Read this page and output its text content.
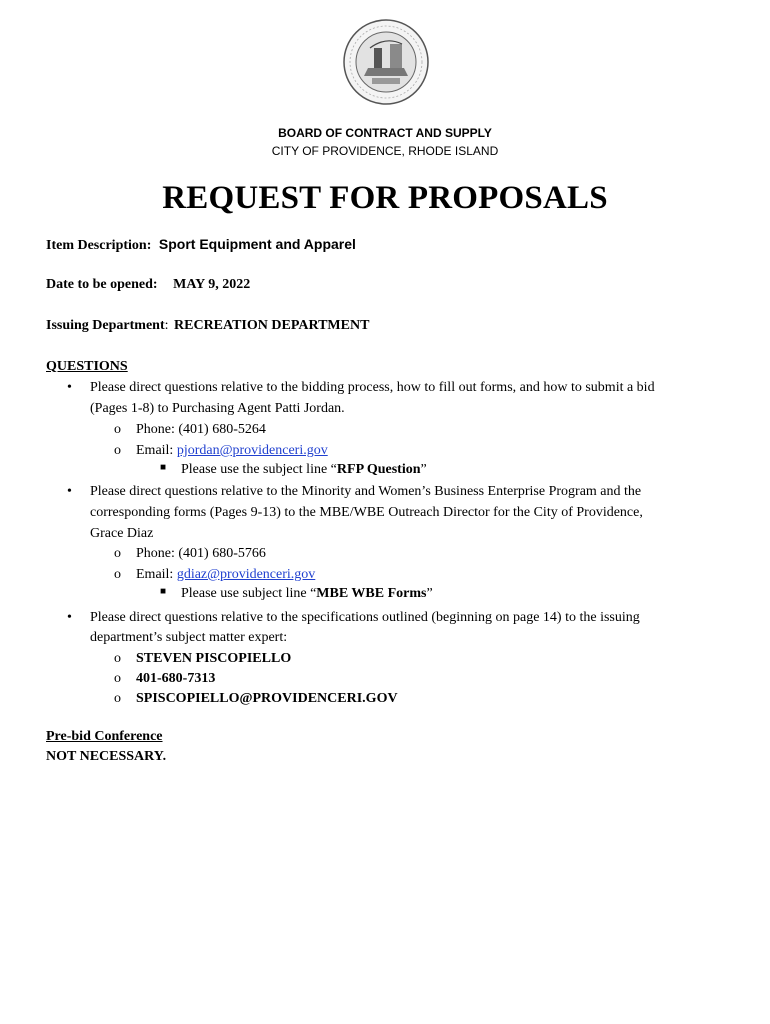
BOARD OF CONTRACT AND SUPPLY
CITY OF PROVIDENCE, RHODE ISLAND
REQUEST FOR PROPOSALS
Item Description: Sport Equipment and Apparel
Date to be opened: MAY 9, 2022
Issuing Department: RECREATION DEPARTMENT
QUESTIONS
• Please direct questions relative to the bidding process, how to fill out forms, and how to submit a bid
(Pages 1-8) to Purchasing Agent Patti Jordan.
o Phone: (401) 680-5264
o Email: pjordan@providenceri.gov
■ Please use the subject line “RFP Question”
• Please direct questions relative to the Minority and Women’s Business Enterprise Program and the
corresponding forms (Pages 9-13) to the MBE/WBE Outreach Director for the City of Providence,
Grace Diaz
o Phone: (401) 680-5766
o Email: gdiaz@providenceri.gov
■ Please use subject line “MBE WBE Forms”
• Please direct questions relative to the specifications outlined (beginning on page 14) to the issuing
department’s subject matter expert:
o STEVEN PISCOPIELLO
o 401-680-7313
o SPISCOPIELLO@PROVIDENCERI.GOV
Pre-bid Conference
NOT NECESSARY.
